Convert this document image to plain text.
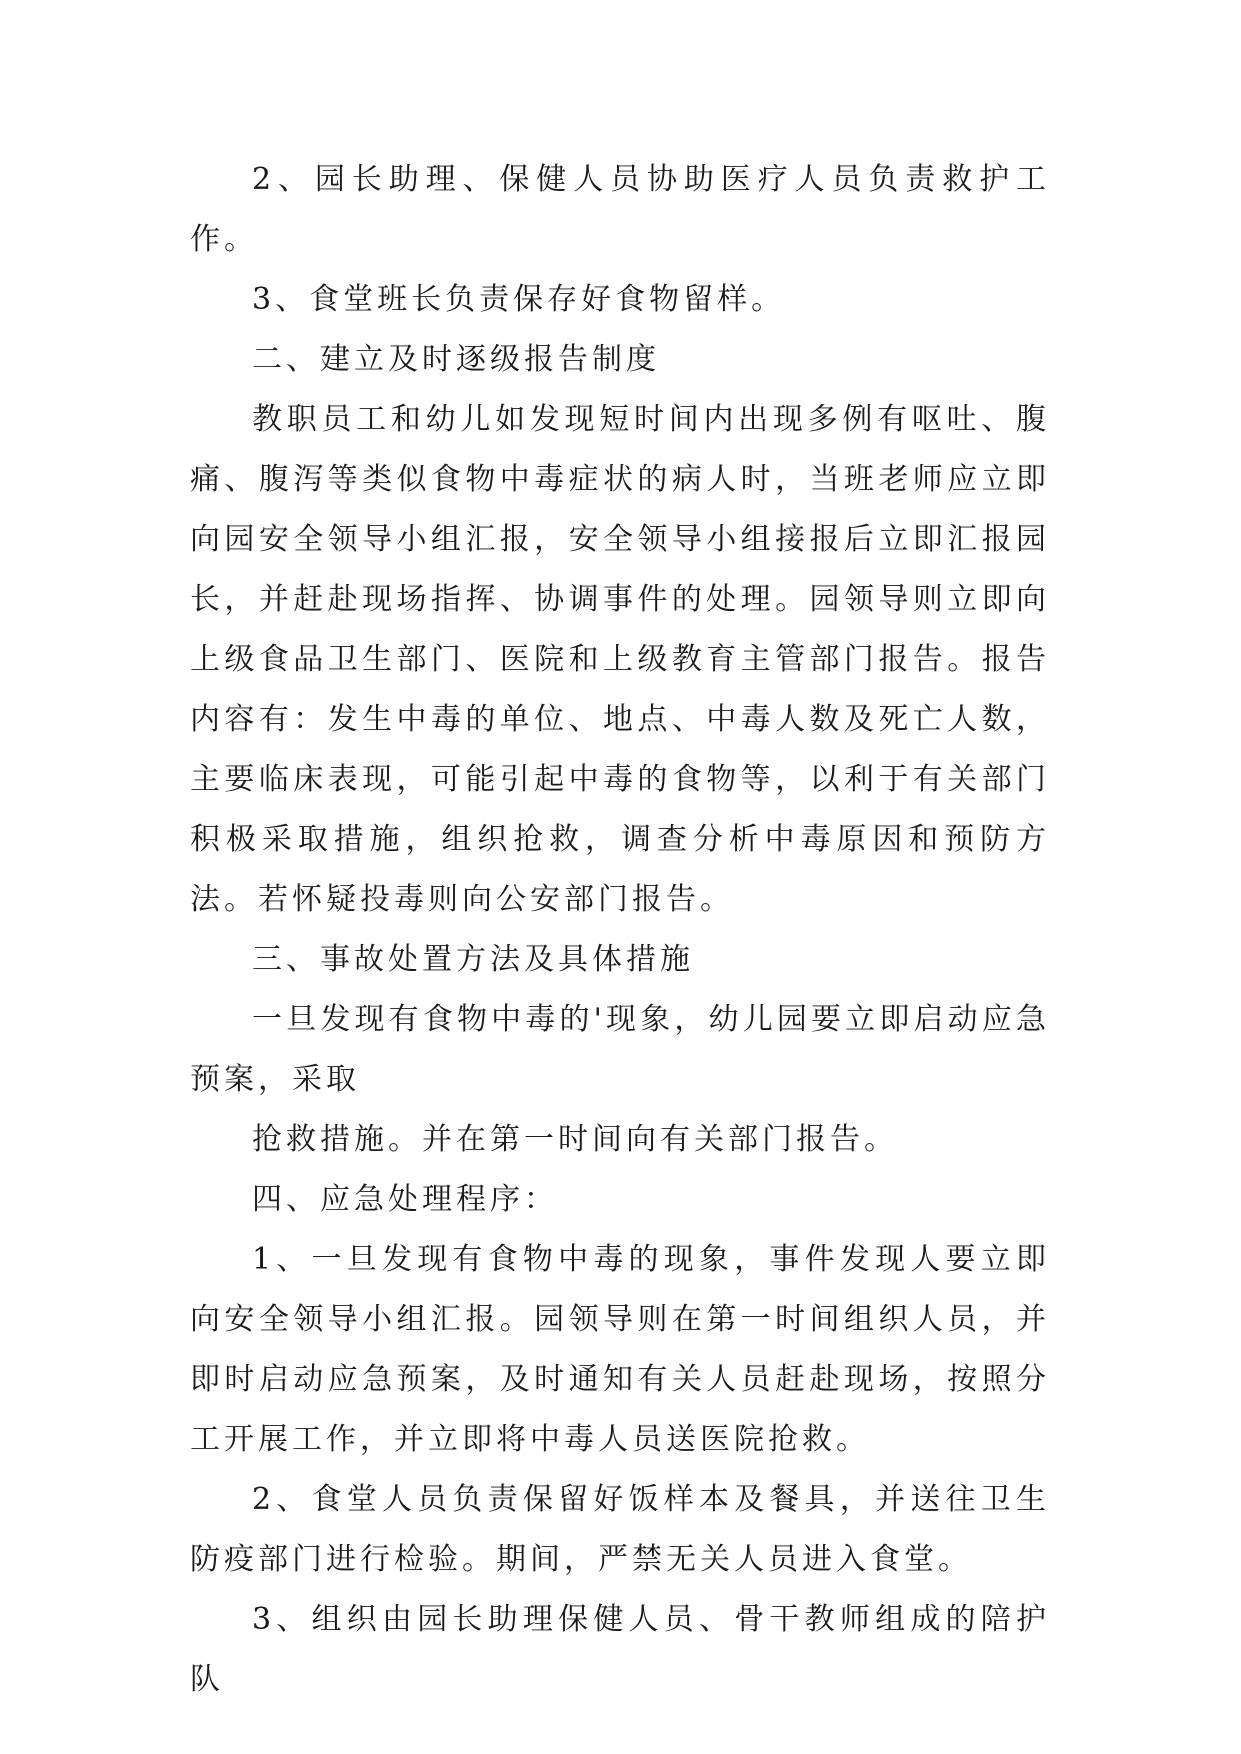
2、园长助理、保健人员协助医疗人员负责救护工作。

3、食堂班长负责保存好食物留样。

二、建立及时逐级报告制度

教职员工和幼儿如发现短时间内出现多例有呕吐、腹痛、腹泻等类似食物中毒症状的病人时，当班老师应立即向园安全领导小组汇报，安全领导小组接报后立即汇报园长，并赶赴现场指挥、协调事件的处理。园领导则立即向上级食品卫生部门、医院和上级教育主管部门报告。报告内容有：发生中毒的单位、地点、中毒人数及死亡人数，主要临床表现，可能引起中毒的食物等，以利于有关部门积极采取措施，组织抢救，调查分析中毒原因和预防方法。若怀疑投毒则向公安部门报告。

三、事故处置方法及具体措施

一旦发现有食物中毒的'现象，幼儿园要立即启动应急预案，采取

抢救措施。并在第一时间向有关部门报告。

四、应急处理程序：

1、一旦发现有食物中毒的现象，事件发现人要立即向安全领导小组汇报。园领导则在第一时间组织人员，并即时启动应急预案，及时通知有关人员赶赴现场，按照分工开展工作，并立即将中毒人员送医院抢救。

2、食堂人员负责保留好饭样本及餐具，并送往卫生防疫部门进行检验。期间，严禁无关人员进入食堂。

3、组织由园长助理保健人员、骨干教师组成的陪护队
